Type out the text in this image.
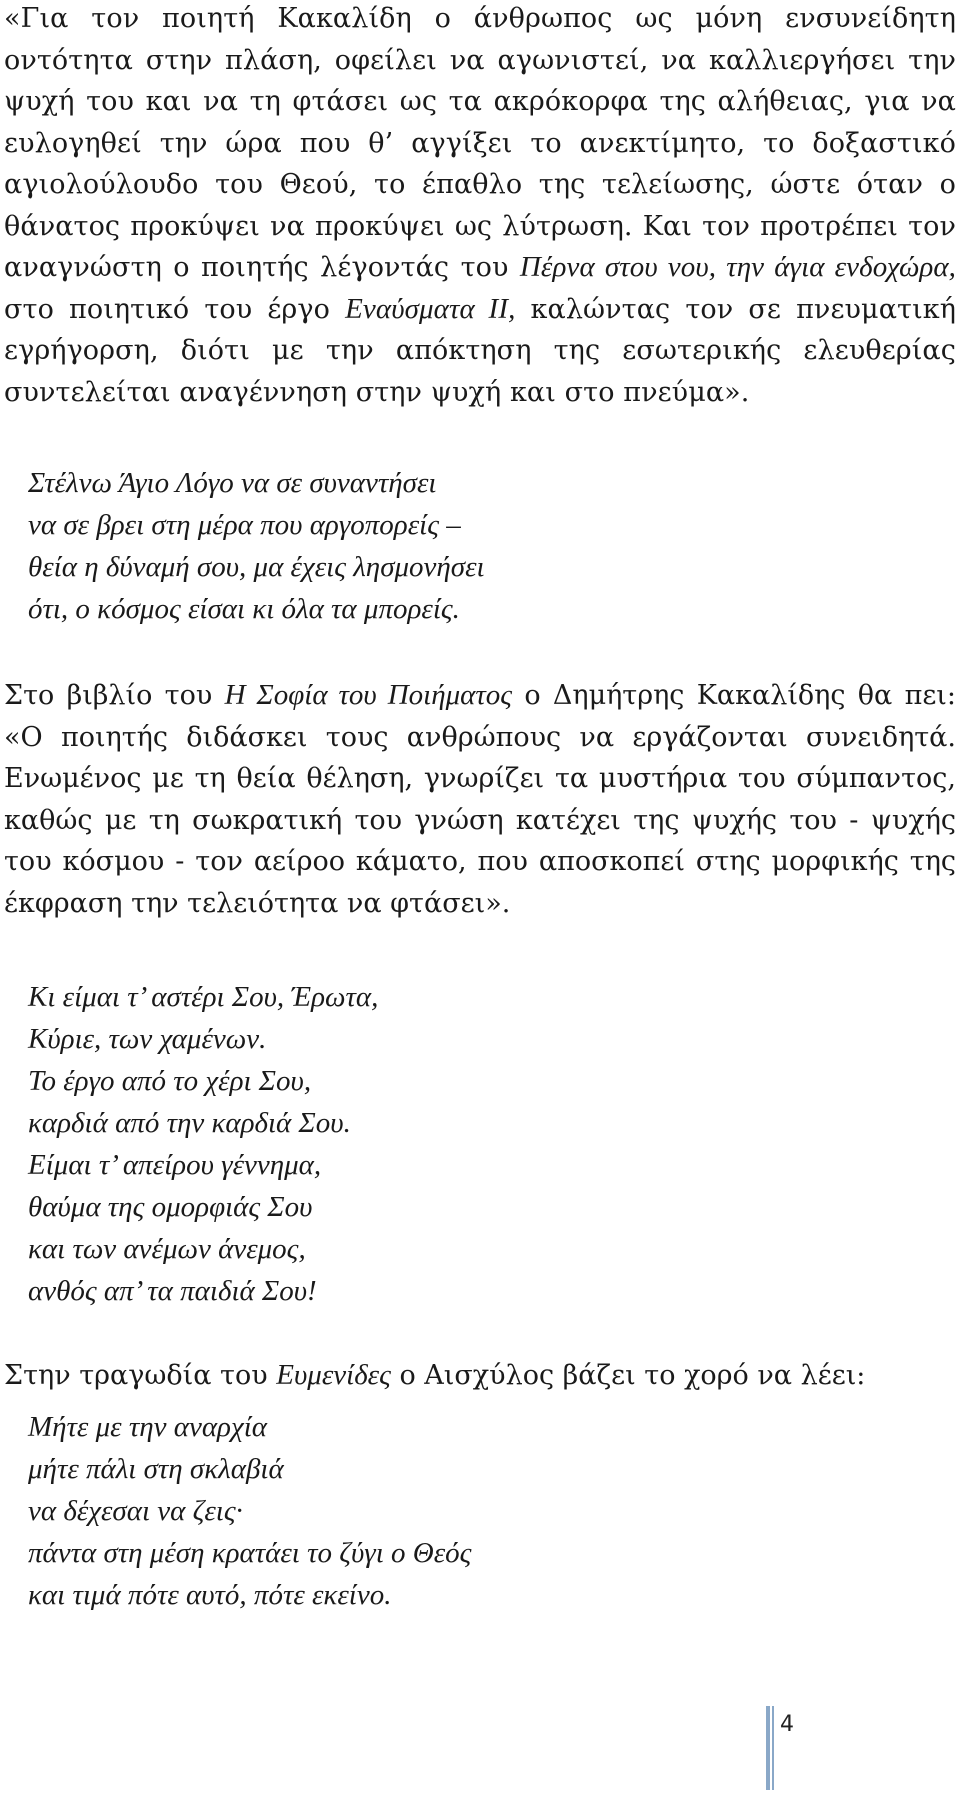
«Για τον ποιητή Κακαλίδη ο άνθρωπος ως μόνη ενσυνείδητη οντότητα στην πλάση, οφείλει να αγωνιστεί, να καλλιεργήσει την ψυχή του και να τη φτάσει ως τα ακρόκορφα της αλήθειας, για να ευλογηθεί την ώρα που θ’ αγγίξει το ανεκτίμητο, το δοξαστικό αγιολούλουδο του Θεού, το έπαθλο της τελείωσης, ώστε όταν ο θάνατος προκύψει να προκύψει ως λύτρωση. Και τον προτρέπει τον αναγνώστη ο ποιητής λέγοντάς του Πέρνα στου νου, την άγια ενδοχώρα, στο ποιητικό του έργο Εναύσματα ΙΙ, καλώντας τον σε πνευματική εγρήγορση, διότι με την απόκτηση της εσωτερικής ελευθερίας συντελείται αναγέννηση στην ψυχή και στο πνεύμα».

Στέλνω Άγιο Λόγο να σε συναντήσει
να σε βρει στη μέρα που αργοπορείς –
θεία η δύναμή σου, μα έχεις λησμονήσει
ότι, ο κόσμος είσαι κι όλα τα μπορείς.

Στο βιβλίο του Η Σοφία του Ποιήματος ο Δημήτρης Κακαλίδης θα πει: «Ο ποιητής διδάσκει τους ανθρώπους να εργάζονται συνειδητά. Ενωμένος με τη θεία θέληση, γνωρίζει τα μυστήρια του σύμπαντος, καθώς με τη σωκρατική του γνώση κατέχει της ψυχής του - ψυχής του κόσμου - τον αείροο κάματο, που αποσκοπεί στης μορφικής της έκφραση την τελειότητα να φτάσει».

Κι είμαι τ’ αστέρι Σου, Έρωτα,
Κύριε, των χαμένων.
Το έργο από το χέρι Σου,
καρδιά από την καρδιά Σου.
Είμαι τ’ απείρου γέννημα,
θαύμα της ομορφιάς Σου
και των ανέμων άνεμος,
ανθός απ’ τα παιδιά Σου!

Στην τραγωδία του Ευμενίδες ο Αισχύλος βάζει το χορό να λέει:

Μήτε με την αναρχία
μήτε πάλι στη σκλαβιά
να δέχεσαι να ζεις·
πάντα στη μέση κρατάει το ζύγι ο Θεός
και τιμά πότε αυτό, πότε εκείνο.
4
